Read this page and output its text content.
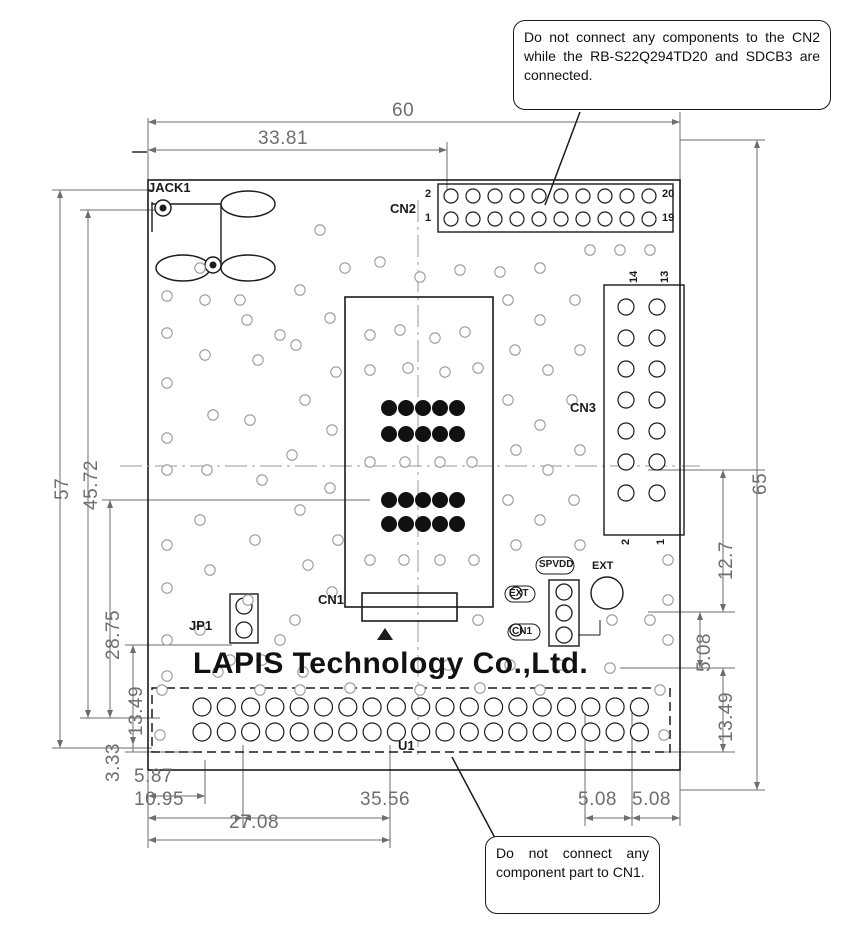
Do not connect any components to the CN2 while the RB-S22Q294TD20 and SDCB3 are connected.
Do not connect any component part to CN1.
60
33.81
57 45.72
28.75
13.49
3.33
65
12.7
5.08
13.49
5.87
10.95
27.08
35.56	5.08 5.08
JACK1
CN2
2
1
20
19
CN3
14 13
2 1
CN1
JP1
SPVDD
EXT
EXT
CN1
U1
LAPIS Technology Co.,Ltd.
